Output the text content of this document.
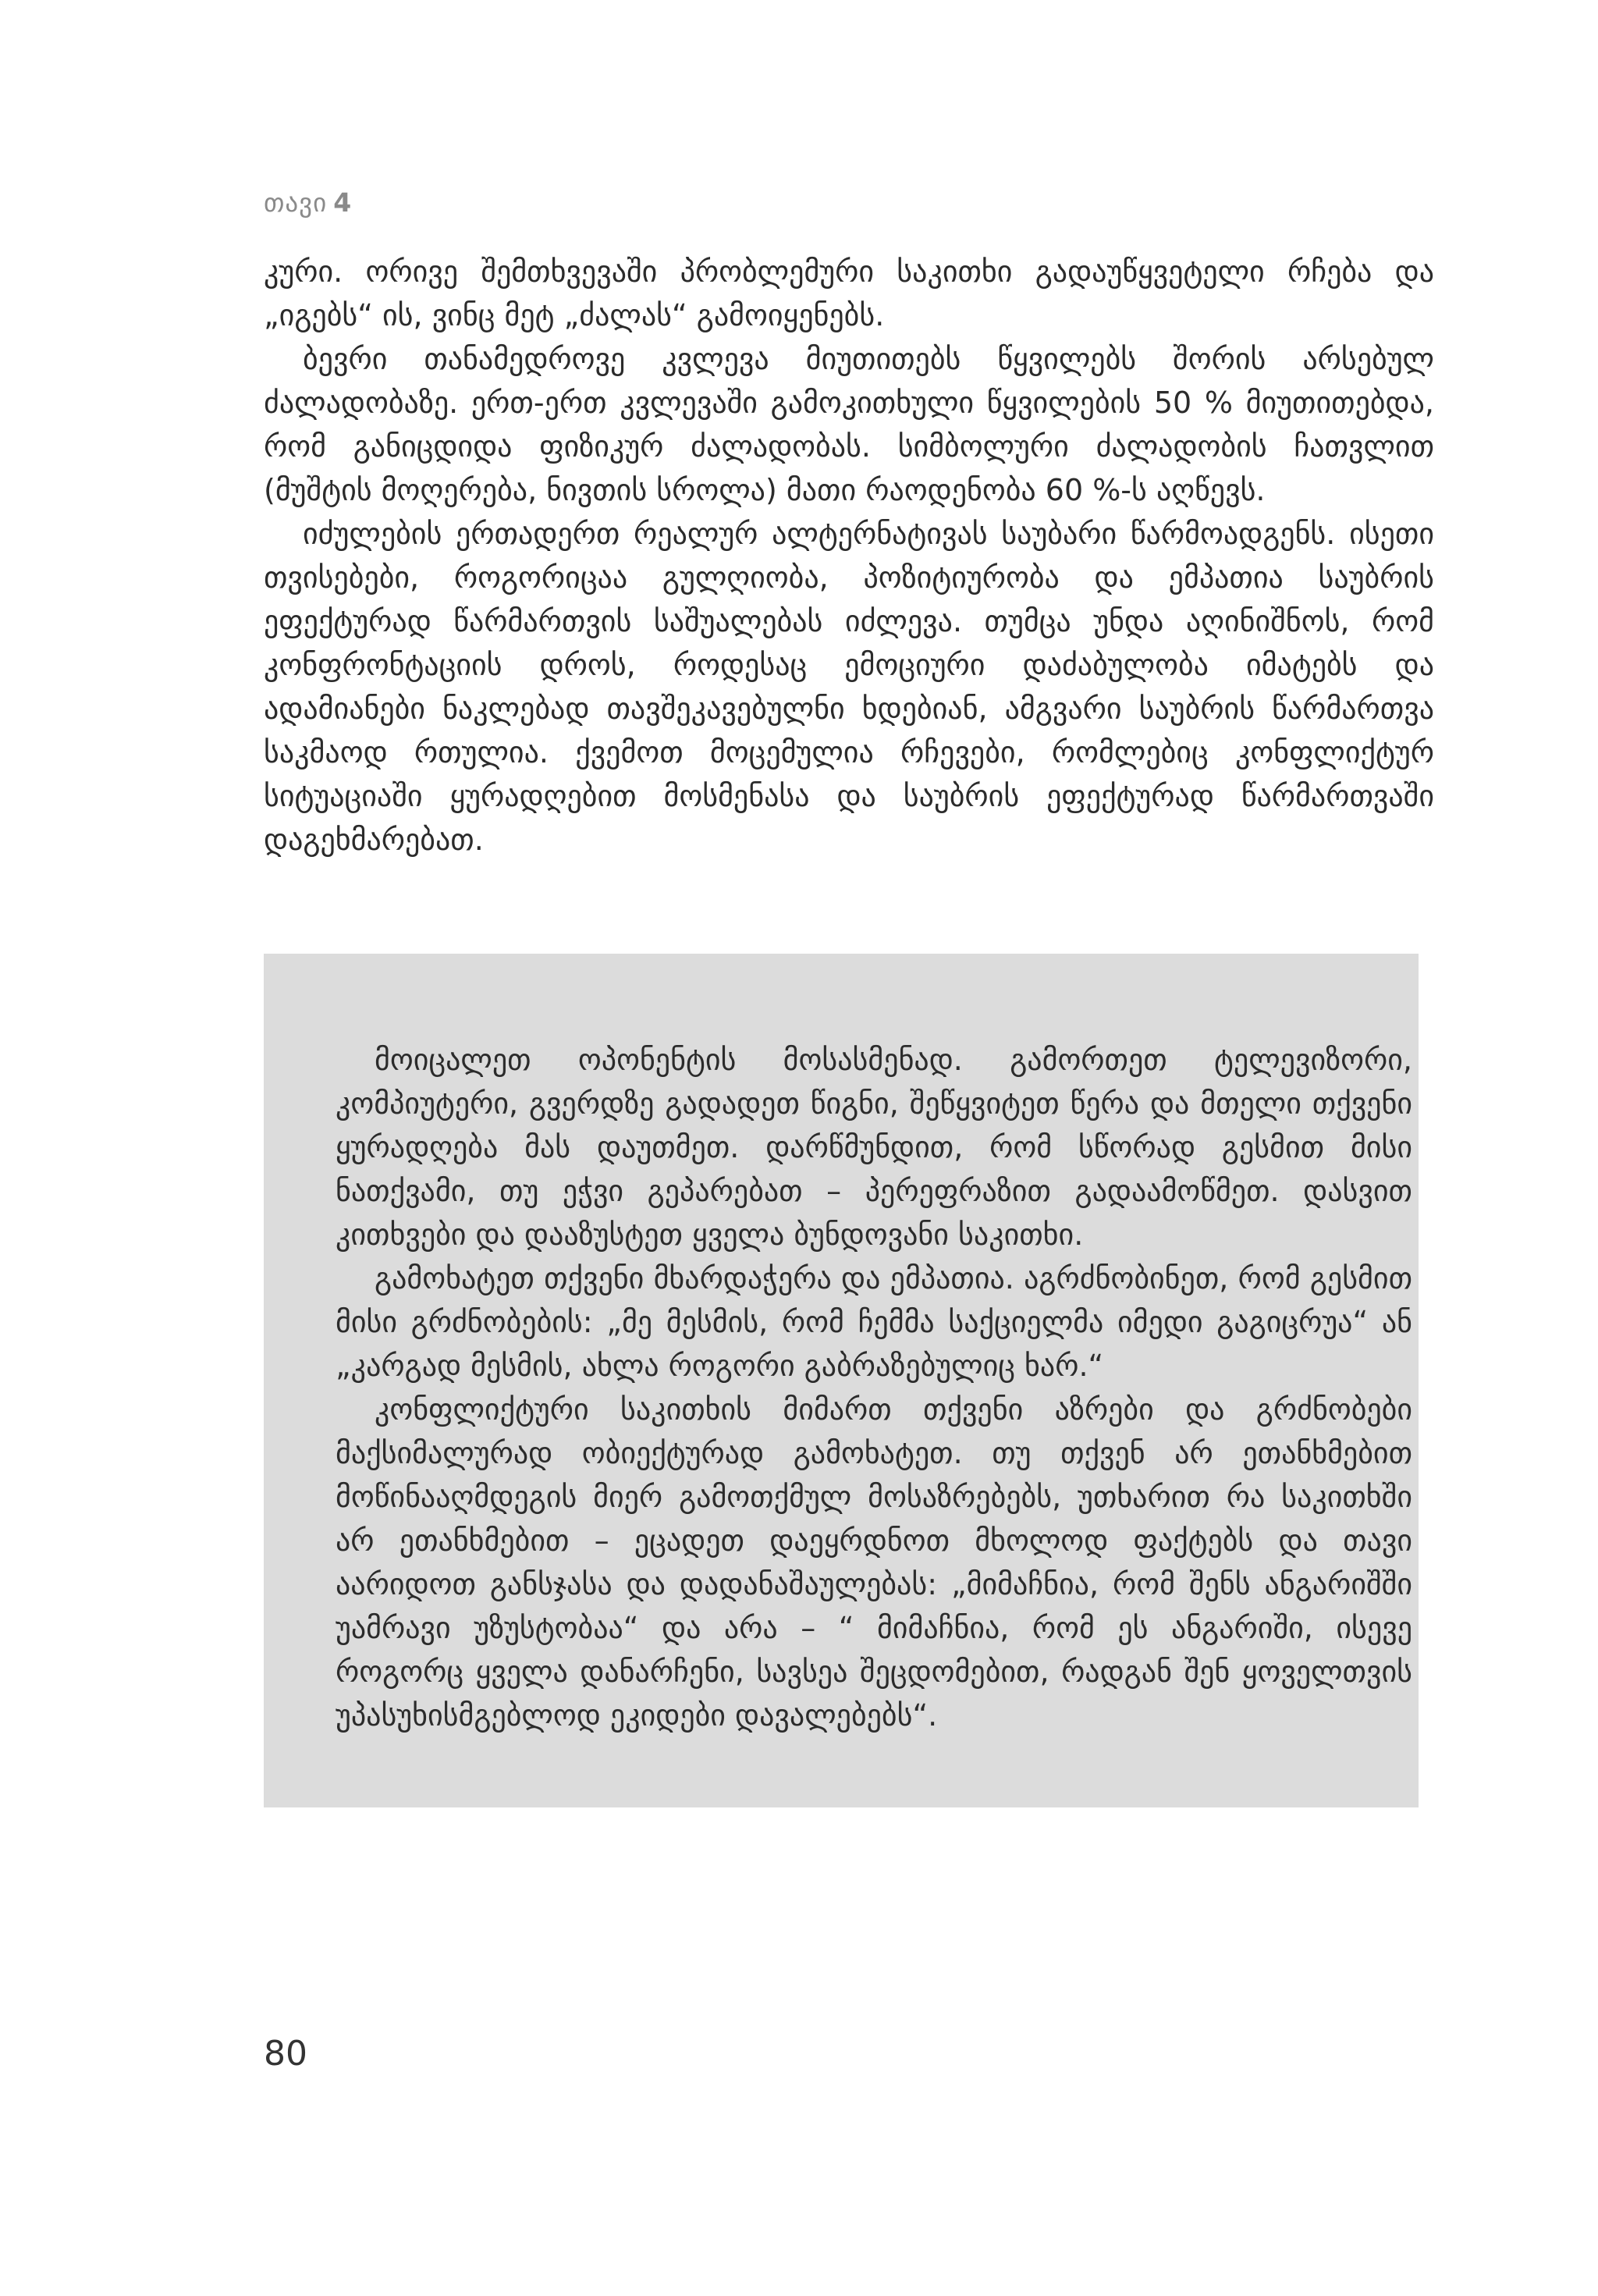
თავი 4

კური. ორივე შემთხვევაში პრობლემური საკითხი გადაუწყვეტელი რჩება და „იგებს“ ის, ვინც მეტ „ძალას“ გამოიყენებს.

ბევრი თანამედროვე კვლევა მიუთითებს წყვილებს შორის არსებულ ძალადობაზე. ერთ-ერთ კვლევაში გამოკითხული წყვილების 50 % მიუთითებდა, რომ განიცდიდა ფიზიკურ ძალადობას. სიმბოლური ძალადობის ჩათვლით (მუშტის მოღერება, ნივთის სროლა) მათი რაოდენობა 60 %-ს აღწევს.

იძულების ერთადერთ რეალურ ალტერნატივას საუბარი წარმოადგენს. ისეთი თვისებები, როგორიცაა გულღიობა, პოზიტიურობა და ემპათია საუბრის ეფექტურად წარმართვის საშუალებას იძლევა. თუმცა უნდა აღინიშნოს, რომ კონფრონტაციის დროს, როდესაც ემოციური დაძაბულობა იმატებს და ადამიანები ნაკლებად თავშეკავებულნი ხდებიან, ამგვარი საუბრის წარმართვა საკმაოდ რთულია. ქვემოთ მოცემულია რჩევები, რომლებიც კონფლიქტურ სიტუაციაში ყურადღებით მოსმენასა და საუბრის ეფექტურად წარმართვაში დაგეხმარებათ.

მოიცალეთ ოპონენტის მოსასმენად. გამორთეთ ტელევიზორი, კომპიუტერი, გვერდზე გადადეთ წიგნი, შეწყვიტეთ წერა და მთელი თქვენი ყურადღება მას დაუთმეთ. დარწმუნდით, რომ სწორად გესმით მისი ნათქვამი, თუ ეჭვი გეპარებათ – პერეფრაზით გადაამოწმეთ. დასვით კითხვები და დააზუსტეთ ყველა ბუნდოვანი საკითხი.

გამოხატეთ თქვენი მხარდაჭერა და ემპათია. აგრძნობინეთ, რომ გესმით მისი გრძნობების: „მე მესმის, რომ ჩემმა საქციელმა იმედი გაგიცრუა“ ან „კარგად მესმის, ახლა როგორი გაბრაზებულიც ხარ.“

კონფლიქტური საკითხის მიმართ თქვენი აზრები და გრძნობები მაქსიმალურად ობიექტურად გამოხატეთ. თუ თქვენ არ ეთანხმებით მოწინააღმდეგის მიერ გამოთქმულ მოსაზრებებს, უთხარით რა საკითხში არ ეთანხმებით – ეცადეთ დაეყრდნოთ მხოლოდ ფაქტებს და თავი აარიდოთ განსჯასა და დადანაშაულებას: „მიმაჩნია, რომ შენს ანგარიშში უამრავი უზუსტობაა“ და არა – “ მიმაჩნია, რომ ეს ანგარიში, ისევე როგორც ყველა დანარჩენი, სავსეა შეცდომებით, რადგან შენ ყოველთვის უპასუხისმგებლოდ ეკიდები დავალებებს“.

80
